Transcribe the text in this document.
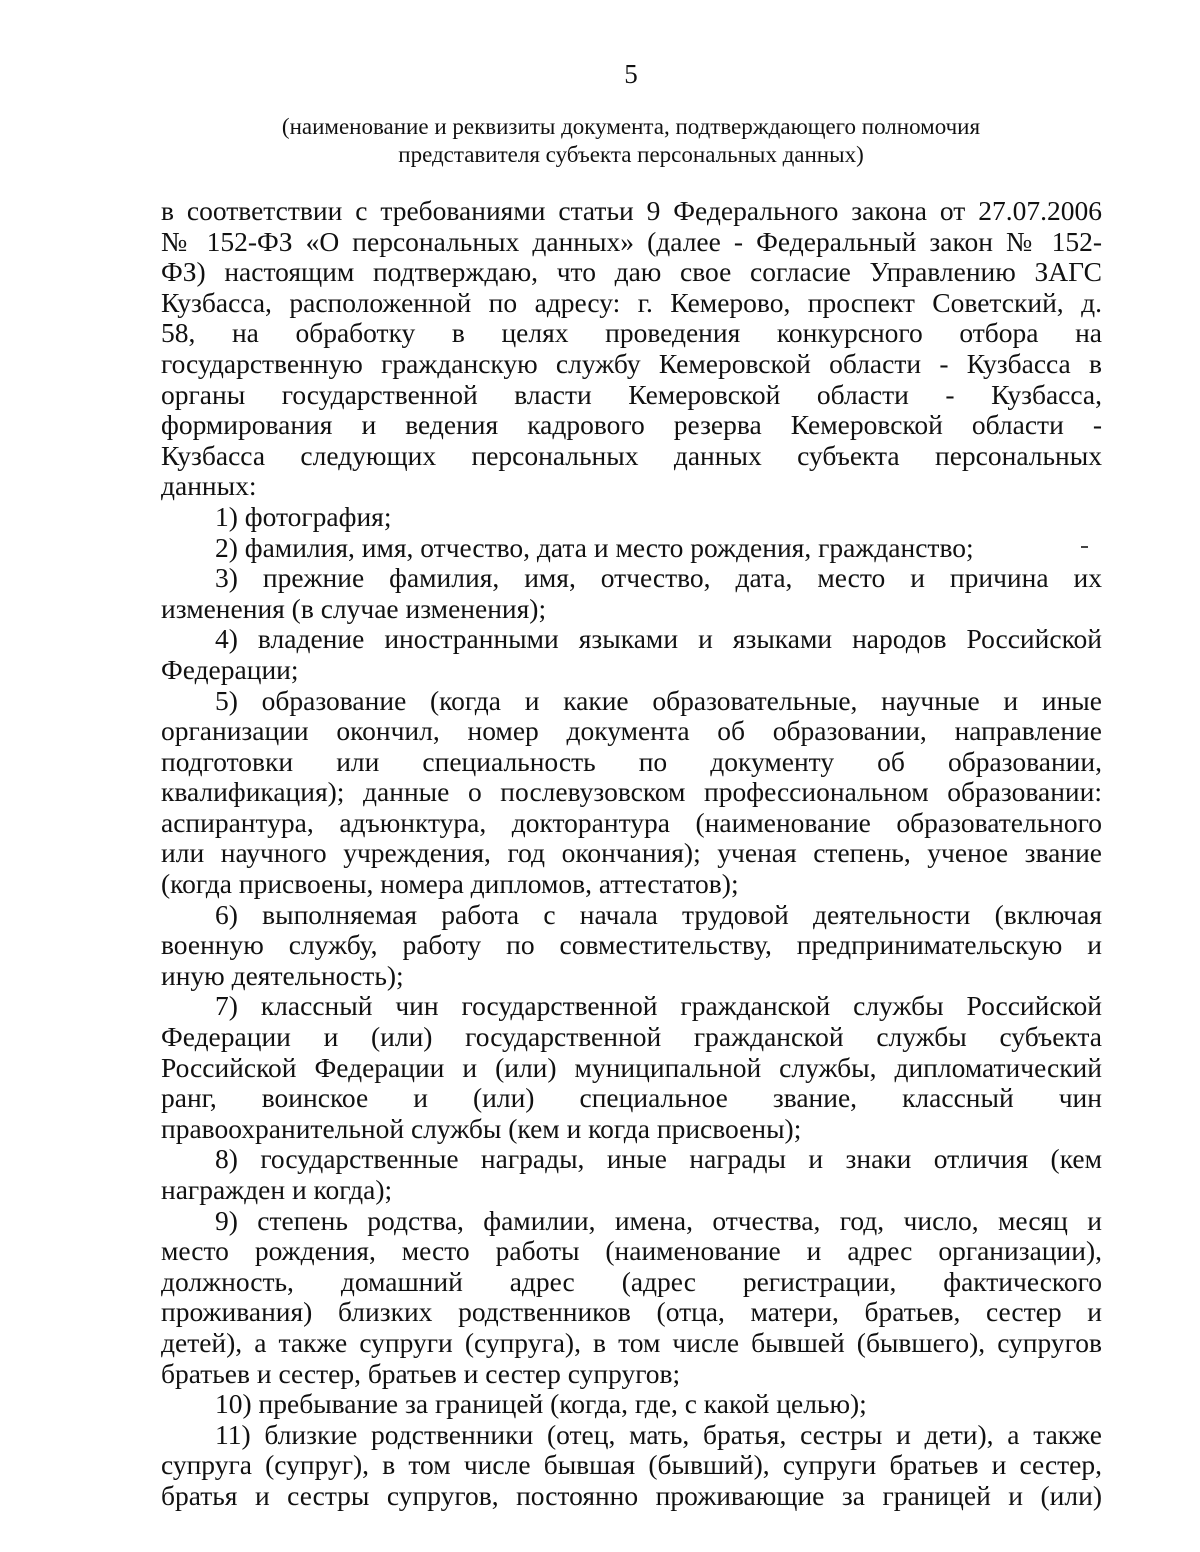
5
(наименование и реквизиты документа, подтверждающего полномочия
представителя субъекта персональных данных)
в соответствии с требованиями статьи 9 Федерального закона от 27.07.2006
№ 152-ФЗ «О персональных данных» (далее - Федеральный закон № 152-
ФЗ) настоящим подтверждаю, что даю свое согласие Управлению ЗАГС
Кузбасса, расположенной по адресу: г. Кемерово, проспект Советский, д.
58, на обработку в целях проведения конкурсного отбора на
государственную гражданскую службу Кемеровской области - Кузбасса в
органы государственной власти Кемеровской области - Кузбасса,
формирования и ведения кадрового резерва Кемеровской области -
Кузбасса следующих персональных данных субъекта персональных
данных:
1) фотография;
2) фамилия, имя, отчество, дата и место рождения, гражданство;
3) прежние фамилия, имя, отчество, дата, место и причина их
изменения (в случае изменения);
4) владение иностранными языками и языками народов Российской
Федерации;
5) образование (когда и какие образовательные, научные и иные
организации окончил, номер документа об образовании, направление
подготовки или специальность по документу об образовании,
квалификация); данные о послевузовском профессиональном образовании:
аспирантура, адъюнктура, докторантура (наименование образовательного
или научного учреждения, год окончания); ученая степень, ученое звание
(когда присвоены, номера дипломов, аттестатов);
6) выполняемая работа с начала трудовой деятельности (включая
военную службу, работу по совместительству, предпринимательскую и
иную деятельность);
7) классный чин государственной гражданской службы Российской
Федерации и (или) государственной гражданской службы субъекта
Российской Федерации и (или) муниципальной службы, дипломатический
ранг, воинское и (или) специальное звание, классный чин
правоохранительной службы (кем и когда присвоены);
8) государственные награды, иные награды и знаки отличия (кем
награжден и когда);
9) степень родства, фамилии, имена, отчества, год, число, месяц и
место рождения, место работы (наименование и адрес организации),
должность, домашний адрес (адрес регистрации, фактического
проживания) близких родственников (отца, матери, братьев, сестер и
детей), а также супруги (супруга), в том числе бывшей (бывшего), супругов
братьев и сестер, братьев и сестер супругов;
10) пребывание за границей (когда, где, с какой целью);
11) близкие родственники (отец, мать, братья, сестры и дети), а также
супруга (супруг), в том числе бывшая (бывший), супруги братьев и сестер,
братья и сестры супругов, постоянно проживающие за границей и (или)
